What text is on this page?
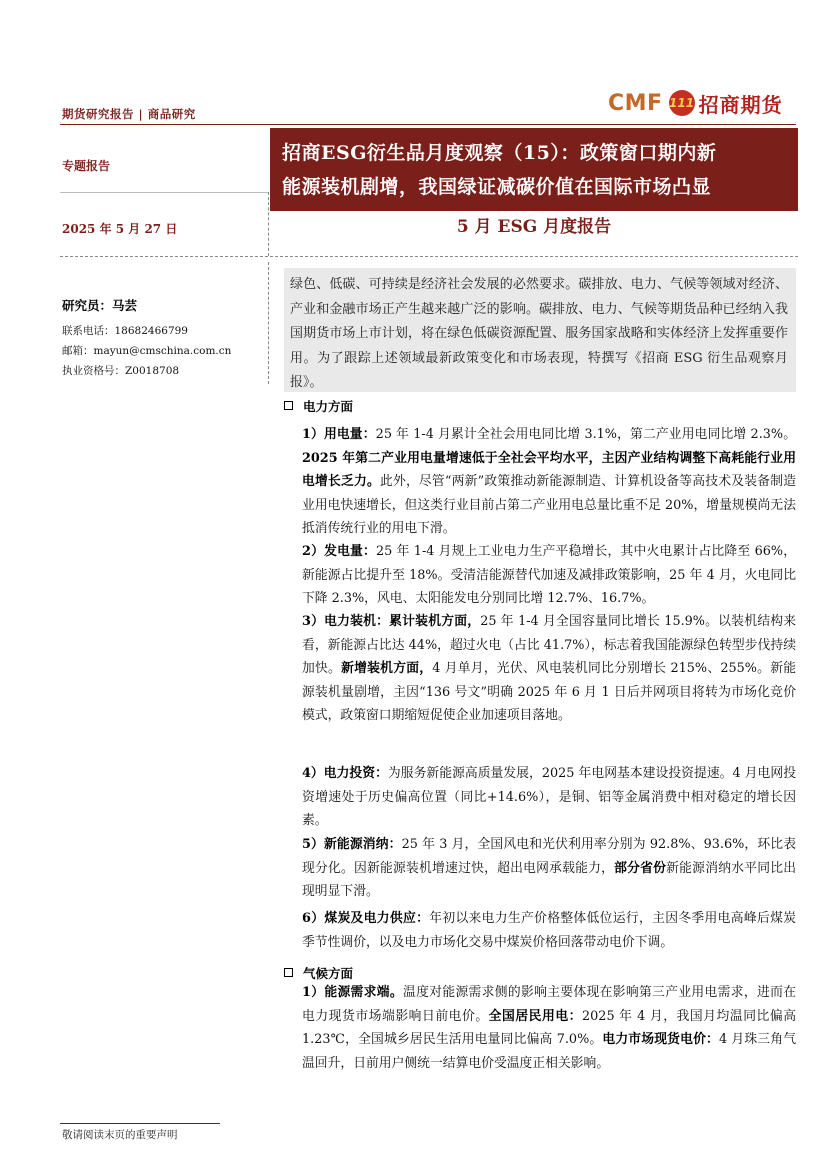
期货研究报告 | 商品研究	CMF 111 招商期货
专题报告
2025 年 5 月 27 日
招商ESG衍生品月度观察（15）：政策窗口期内新
能源装机剧增，我国绿证减碳价值在国际市场凸显
5 月 ESG 月度报告
研究员：马芸
联系电话：18682466799
邮箱：mayun@cmschina.com.cn
执业资格号：Z0018708
绿色、低碳、可持续是经济社会发展的必然要求。碳排放、电力、气候等领域对经济、产业和金融市场正产生越来越广泛的影响。碳排放、电力、气候等期货品种已经纳入我国期货市场上市计划，将在绿色低碳资源配置、服务国家战略和实体经济上发挥重要作用。为了跟踪上述领域最新政策变化和市场表现，特撰写《招商 ESG 衍生品观察月报》。
电力方面
1）用电量：25 年 1-4 月累计全社会用电同比增 3.1%，第二产业用电同比增 2.3%。2025 年第二产业用电量增速低于全社会平均水平，主因产业结构调整下高耗能行业用电增长乏力。此外，尽管“两新”政策推动新能源制造、计算机设备等高技术及装备制造业用电快速增长，但这类行业目前占第二产业用电总量比重不足 20%，增量规模尚无法抵消传统行业的用电下滑。
2）发电量：25 年 1-4 月规上工业电力生产平稳增长，其中火电累计占比降至 66%，新能源占比提升至 18%。受清洁能源替代加速及减排政策影响，25 年 4 月，火电同比下降 2.3%，风电、太阳能发电分别同比增 12.7%、16.7%。
3）电力装机：累计装机方面，25 年 1-4 月全国容量同比增长 15.9%。以装机结构来看，新能源占比达 44%，超过火电（占比 41.7%），标志着我国能源绿色转型步伐持续加快。新增装机方面，4 月单月，光伏、风电装机同比分别增长 215%、255%。新能源装机量剧增，主因“136 号文”明确 2025 年 6 月 1 日后并网项目将转为市场化竞价模式，政策窗口期缩短促使企业加速项目落地。
4）电力投资：为服务新能源高质量发展，2025 年电网基本建设投资提速。4 月电网投资增速处于历史偏高位置（同比+14.6%），是铜、铝等金属消费中相对稳定的增长因素。
5）新能源消纳：25 年 3 月，全国风电和光伏利用率分别为 92.8%、93.6%，环比表现分化。因新能源装机增速过快，超出电网承载能力，部分省份新能源消纳水平同比出现明显下滑。
6）煤炭及电力供应：年初以来电力生产价格整体低位运行，主因冬季用电高峰后煤炭季节性调价，以及电力市场化交易中煤炭价格回落带动电价下调。
气候方面
1）能源需求端。温度对能源需求侧的影响主要体现在影响第三产业用电需求，进而在电力现货市场端影响日前电价。全国居民用电：2025 年 4 月，我国月均温同比偏高 1.23℃，全国城乡居民生活用电量同比偏高 7.0%。电力市场现货电价：4 月珠三角气温回升，日前用户侧统一结算电价受温度正相关影响。
敬请阅读末页的重要声明
